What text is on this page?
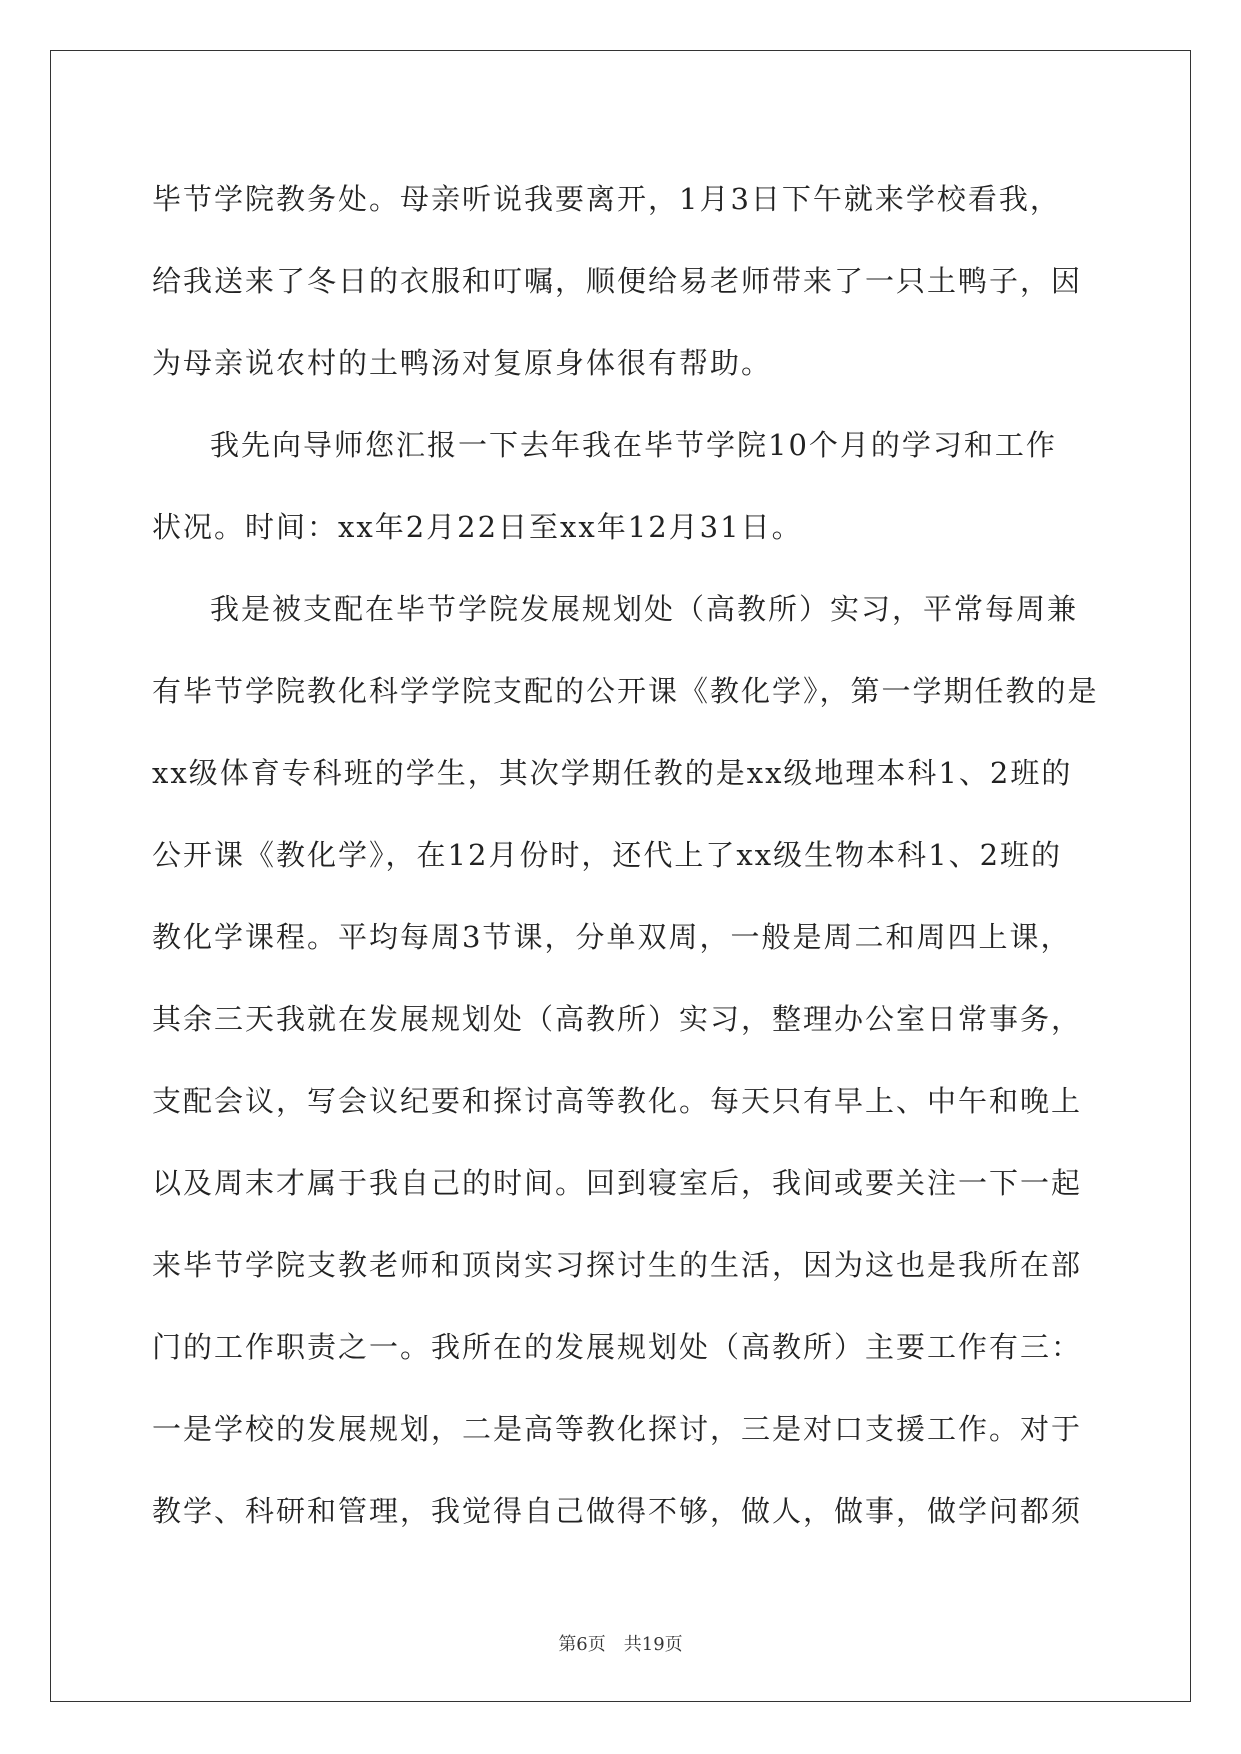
毕节学院教务处。母亲听说我要离开，1月3日下午就来学校看我，
给我送来了冬日的衣服和叮嘱，顺便给易老师带来了一只土鸭子，因
为母亲说农村的土鸭汤对复原身体很有帮助。
我先向导师您汇报一下去年我在毕节学院10个月的学习和工作
状况。时间：xx年2月22日至xx年12月31日。
我是被支配在毕节学院发展规划处（高教所）实习，平常每周兼
有毕节学院教化科学学院支配的公开课《教化学》，第一学期任教的是
xx级体育专科班的学生，其次学期任教的是xx级地理本科1、2班的
公开课《教化学》，在12月份时，还代上了xx级生物本科1、2班的
教化学课程。平均每周3节课，分单双周，一般是周二和周四上课，
其余三天我就在发展规划处（高教所）实习，整理办公室日常事务，
支配会议，写会议纪要和探讨高等教化。每天只有早上、中午和晚上
以及周末才属于我自己的时间。回到寝室后，我间或要关注一下一起
来毕节学院支教老师和顶岗实习探讨生的生活，因为这也是我所在部
门的工作职责之一。我所在的发展规划处（高教所）主要工作有三：
一是学校的发展规划，二是高等教化探讨，三是对口支援工作。对于
教学、科研和管理，我觉得自己做得不够，做人，做事，做学问都须
第6页　共19页
